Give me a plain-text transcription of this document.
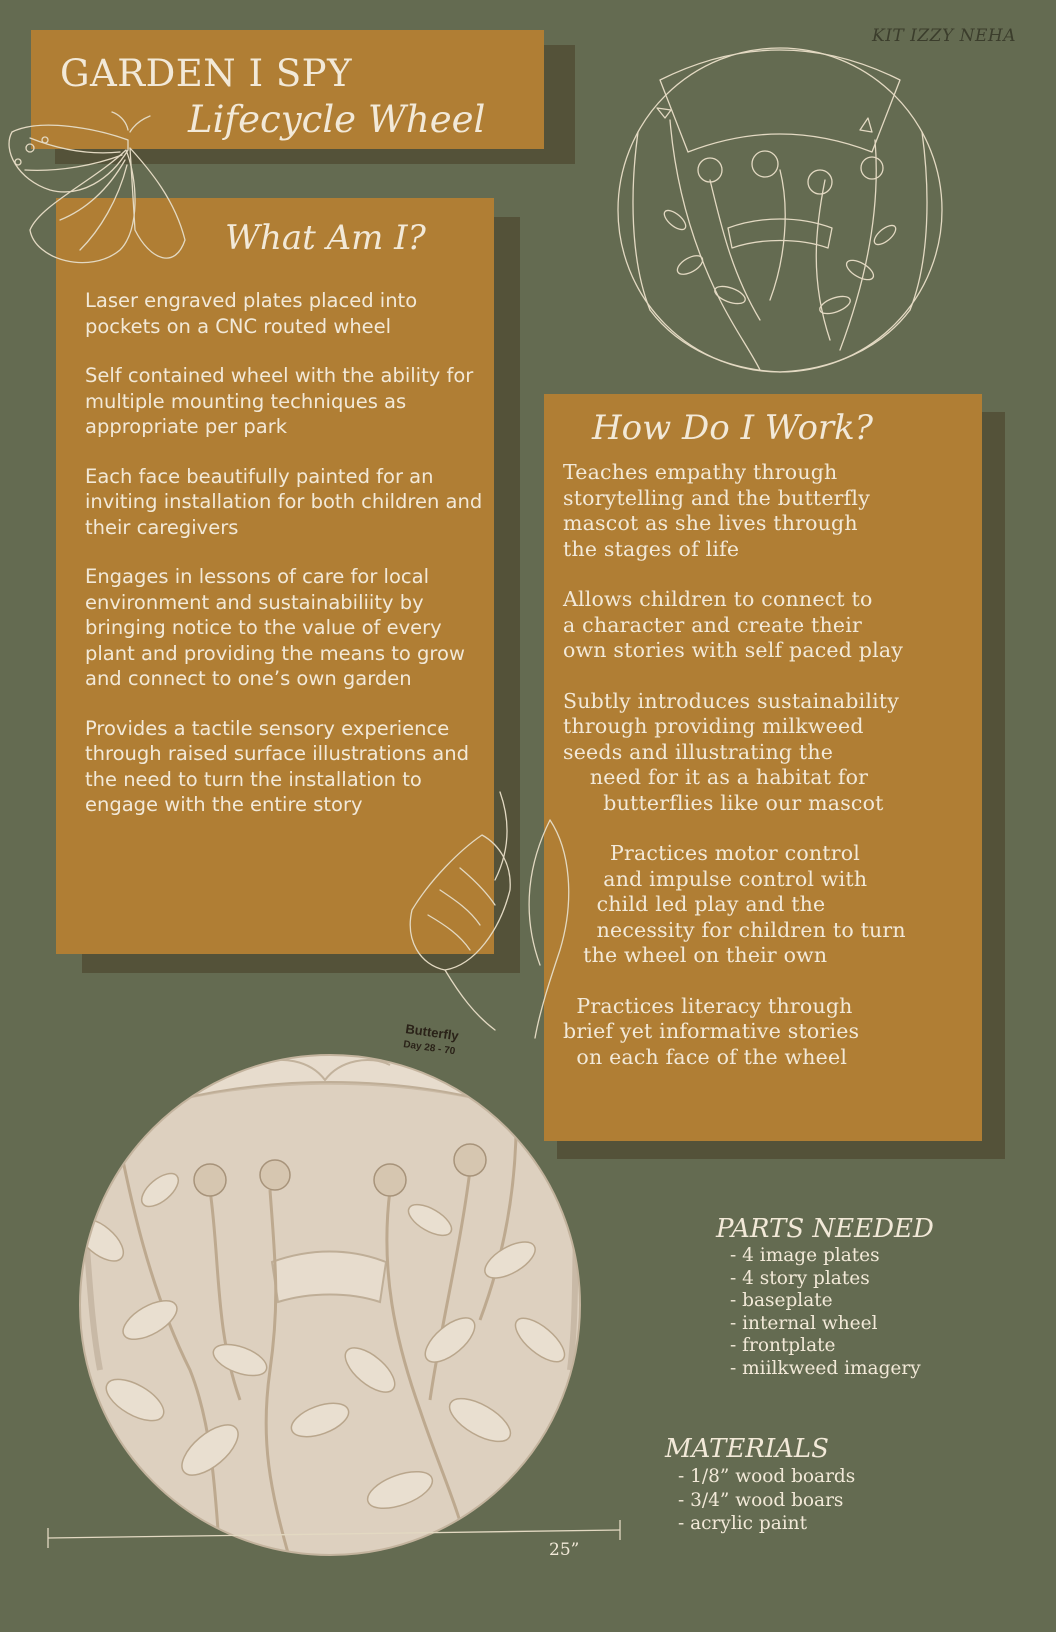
KIT IZZY NEHA
GARDEN I SPY
Lifecycle Wheel
What Am I?

Laser engraved plates placed into pockets on a CNC routed wheel

Self contained wheel with the ability for multiple mounting techniques as appropriate per park

Each face beautifully painted for an inviting installation for both children and their caregivers

Engages in lessons of care for local environment and sustainabiliity by bringing notice to the value of every plant and providing the means to grow and connect to one’s own garden

Provides a tactile sensory experience through raised surface illustrations and the need to turn the installation to engage with the entire story

How Do I Work?

Teaches empathy through
storytelling and the butterfly
mascot as she lives through
the stages of life

Allows children to connect to
a character and create their
own stories with self paced play

Subtly introduces sustainability
through providing milkweed
seeds and illustrating the
need for it as a habitat for
butterflies like our mascot

Practices motor control
and impulse control with
child led play and the
necessity for children to turn
the wheel on their own

Practices literacy through
brief yet informative stories
on each face of the wheel

Butterfly
Day 28 - 70
25”
PARTS NEEDED
- 4 image plates
- 4 story plates
- baseplate
- internal wheel
- frontplate
- miilkweed imagery
MATERIALS
- 1/8” wood boards
- 3/4” wood boars
- acrylic paint
